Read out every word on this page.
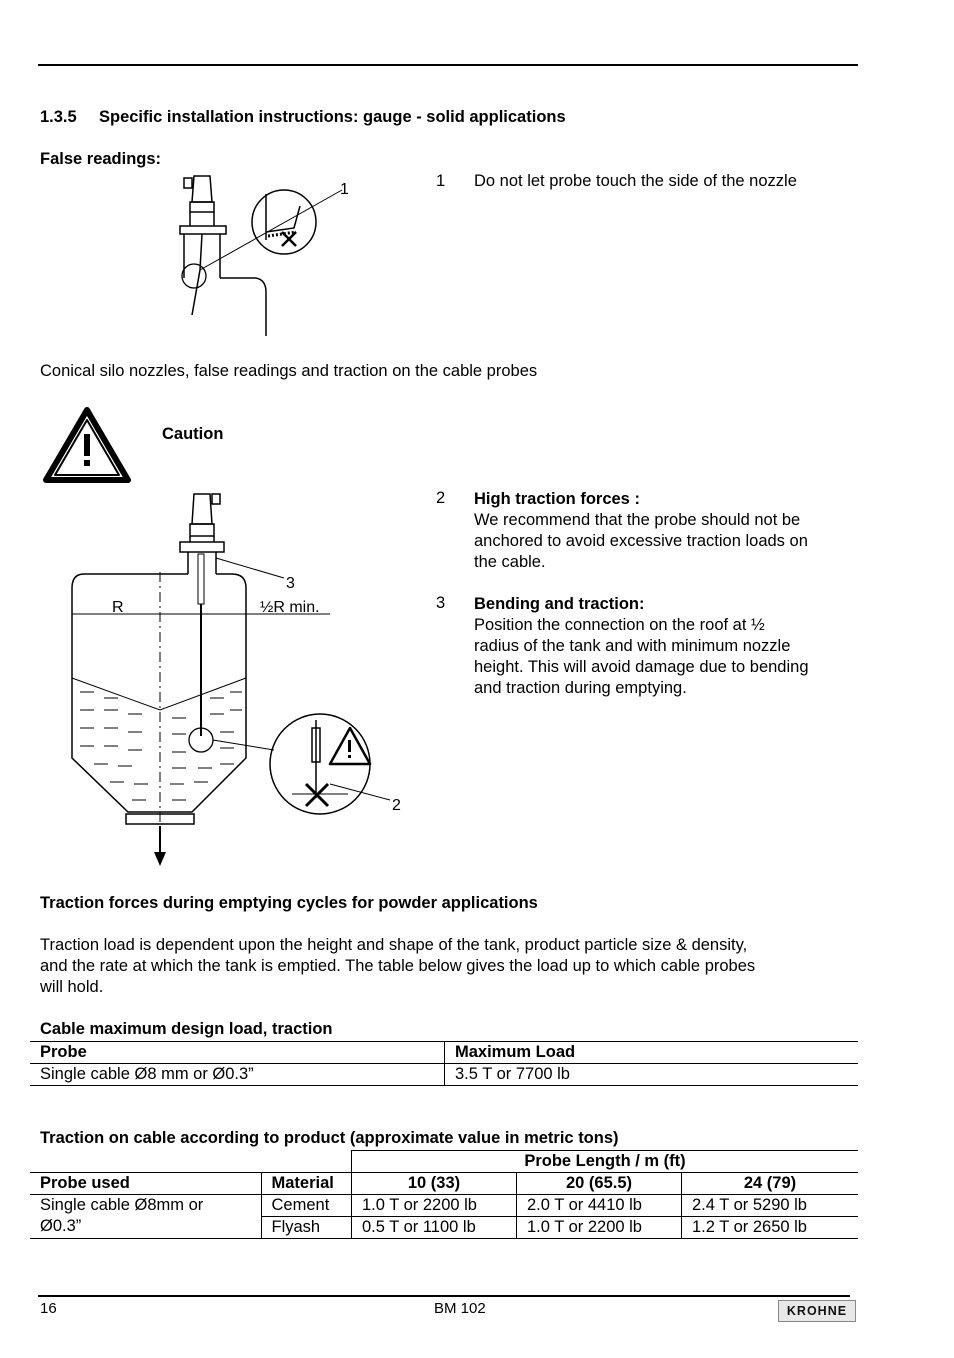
1.3.5 Specific installation instructions: gauge - solid applications
False readings:
1	1	Do not let probe touch the side of the nozzle
Conical silo nozzles, false readings and traction on the cable probes
Caution
R	½R min.
3
2
2	High traction forces :
We recommend that the probe should not be
anchored to avoid excessive traction loads on
the cable.
3	Bending and traction:
Position the connection on the roof at ½
radius of the tank and with minimum nozzle
height. This will avoid damage due to bending
and traction during emptying.
Traction forces during emptying cycles for powder applications
Traction load is dependent upon the height and shape of the tank, product particle size & density,
and the rate at which the tank is emptied. The table below gives the load up to which cable probes
will hold.
Cable maximum design load, traction
Probe	Maximum Load
Single cable Ø8 mm or Ø0.3”	3.5 T or 7700 lb
Traction on cable according to product (approximate value in metric tons)
		Probe Length / m (ft)		
Probe used	Material	10 (33)	20 (65.5)	24 (79)

Single cable Ø8mm or
Ø0.3”	Cement	1.0 T or 2200 lb	2.0 T or 4410 lb	2.4 T or 5290 lb
	Flyash	0.5 T or 1100 lb	1.0 T or 2200 lb	1.2 T or 2650 lb
16	BM 102	KROHNE
